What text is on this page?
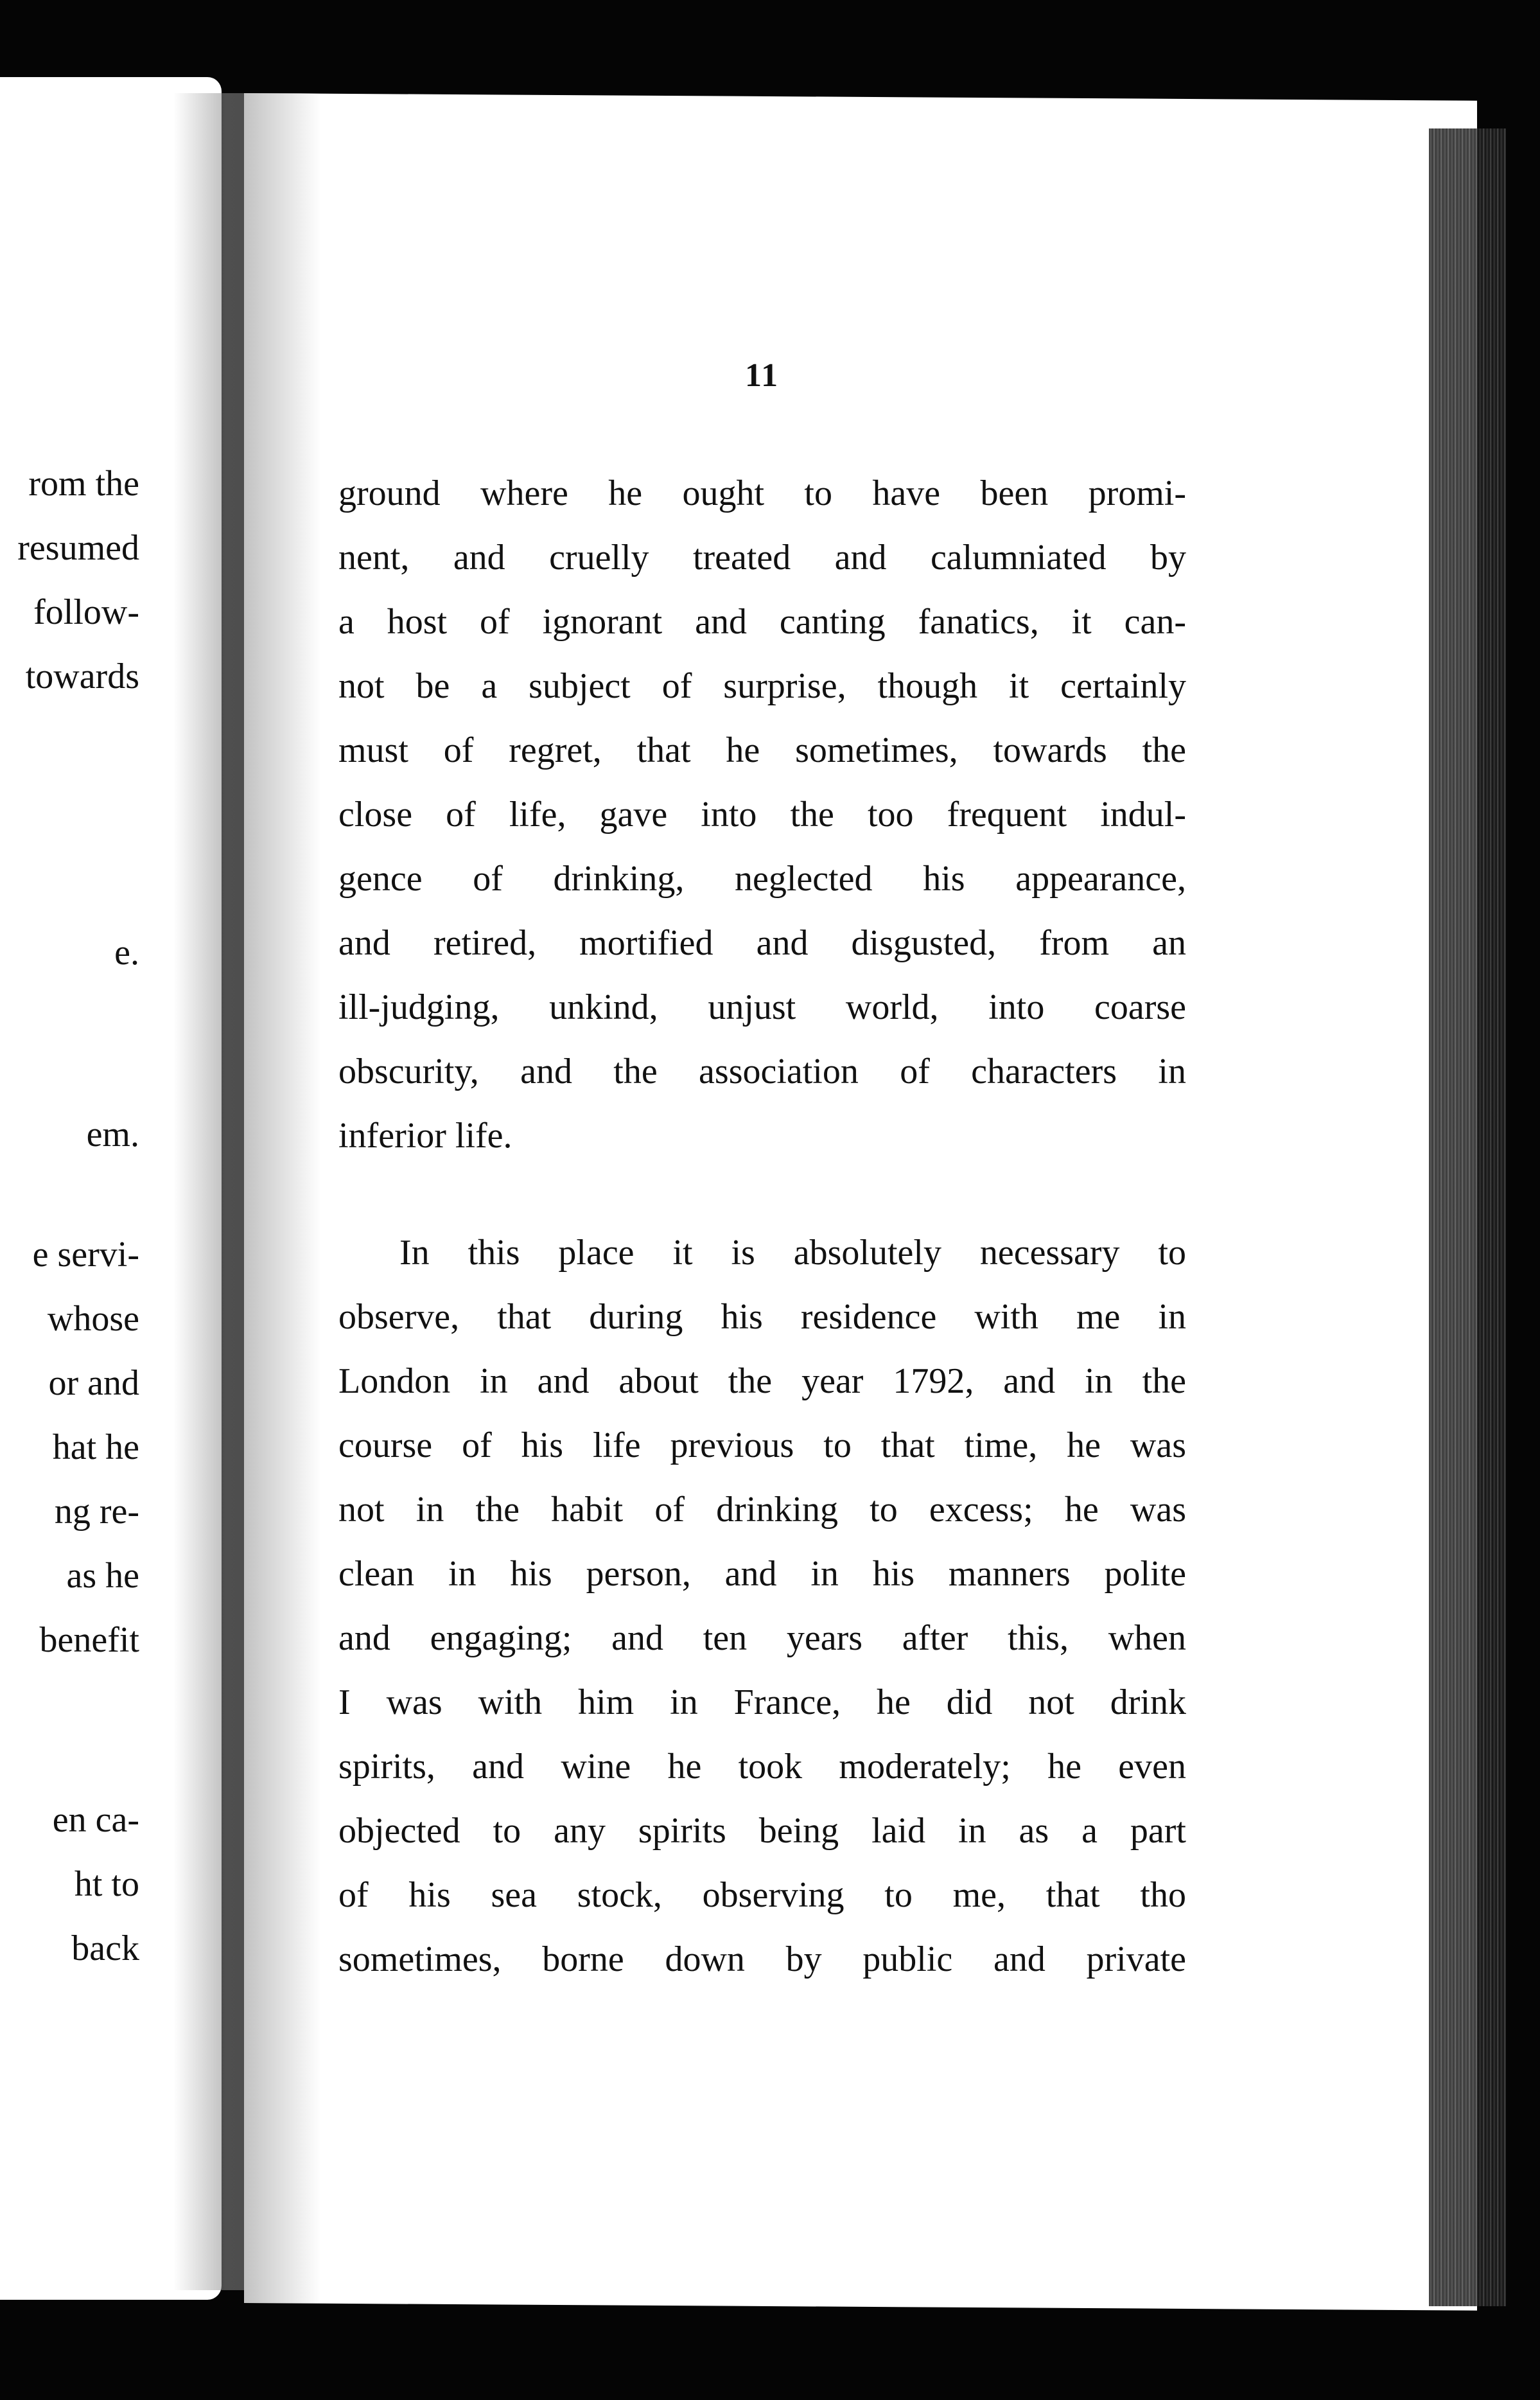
rom the
resumed
follow-
towards
e.
em.
e servi-
whose
or and
hat he
ng re-
as he
benefit
en ca-
ht to
back
11
ground where he ought to have been promi-
nent, and cruelly treated and calumniated by
a host of ignorant and canting fanatics, it can-
not be a subject of surprise, though it certainly
must of regret, that he sometimes, towards the
close of life, gave into the too frequent indul-
gence of drinking, neglected his appearance,
and retired, mortified and disgusted, from an
ill-judging, unkind, unjust world, into coarse
obscurity, and the association of characters in
inferior life.
In this place it is absolutely necessary to
observe, that during his residence with me in
London in and about the year 1792, and in the
course of his life previous to that time, he was
not in the habit of drinking to excess; he was
clean in his person, and in his manners polite
and engaging; and ten years after this, when
I was with him in France, he did not drink
spirits, and wine he took moderately; he even
objected to any spirits being laid in as a part
of his sea stock, observing to me, that tho
sometimes, borne down by public and private
